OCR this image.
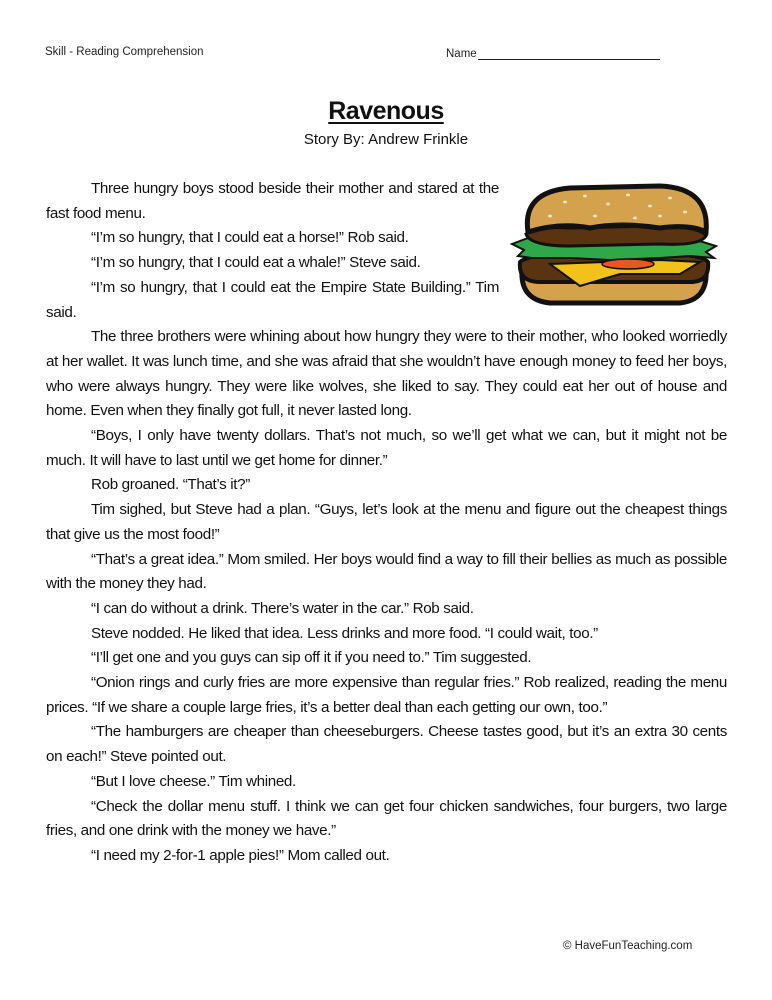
Skill - Reading Comprehension	Name
Ravenous
Story By: Andrew Frinkle

Three hungry boys stood beside their mother and stared at the fast food menu.

“I’m so hungry, that I could eat a horse!” Rob said.

“I’m so hungry, that I could eat a whale!” Steve said.

“I’m so hungry, that I could eat the Empire State Building.” Tim said.

The three brothers were whining about how hungry they were to their mother, who looked worriedly at her wallet. It was lunch time, and she was afraid that she wouldn’t have enough money to feed her boys, who were always hungry. They were like wolves, she liked to say. They could eat her out of house and home. Even when they finally got full, it never lasted long.

“Boys, I only have twenty dollars. That’s not much, so we’ll get what we can, but it might not be much. It will have to last until we get home for dinner.”

Rob groaned. “That’s it?”

Tim sighed, but Steve had a plan. “Guys, let’s look at the menu and figure out the cheapest things that give us the most food!”

“That’s a great idea.” Mom smiled. Her boys would find a way to fill their bellies as much as possible with the money they had.

“I can do without a drink. There’s water in the car.” Rob said.

Steve nodded. He liked that idea. Less drinks and more food. “I could wait, too.”

“I’ll get one and you guys can sip off it if you need to.” Tim suggested.

“Onion rings and curly fries are more expensive than regular fries.” Rob realized, reading the menu prices. “If we share a couple large fries, it’s a better deal than each getting our own, too.”

“The hamburgers are cheaper than cheeseburgers. Cheese tastes good, but it’s an extra 30 cents on each!” Steve pointed out.

“But I love cheese.” Tim whined.

“Check the dollar menu stuff. I think we can get four chicken sandwiches, four burgers, two large fries, and one drink with the money we have.”

“I need my 2-for-1 apple pies!” Mom called out.

© HaveFunTeaching.com
